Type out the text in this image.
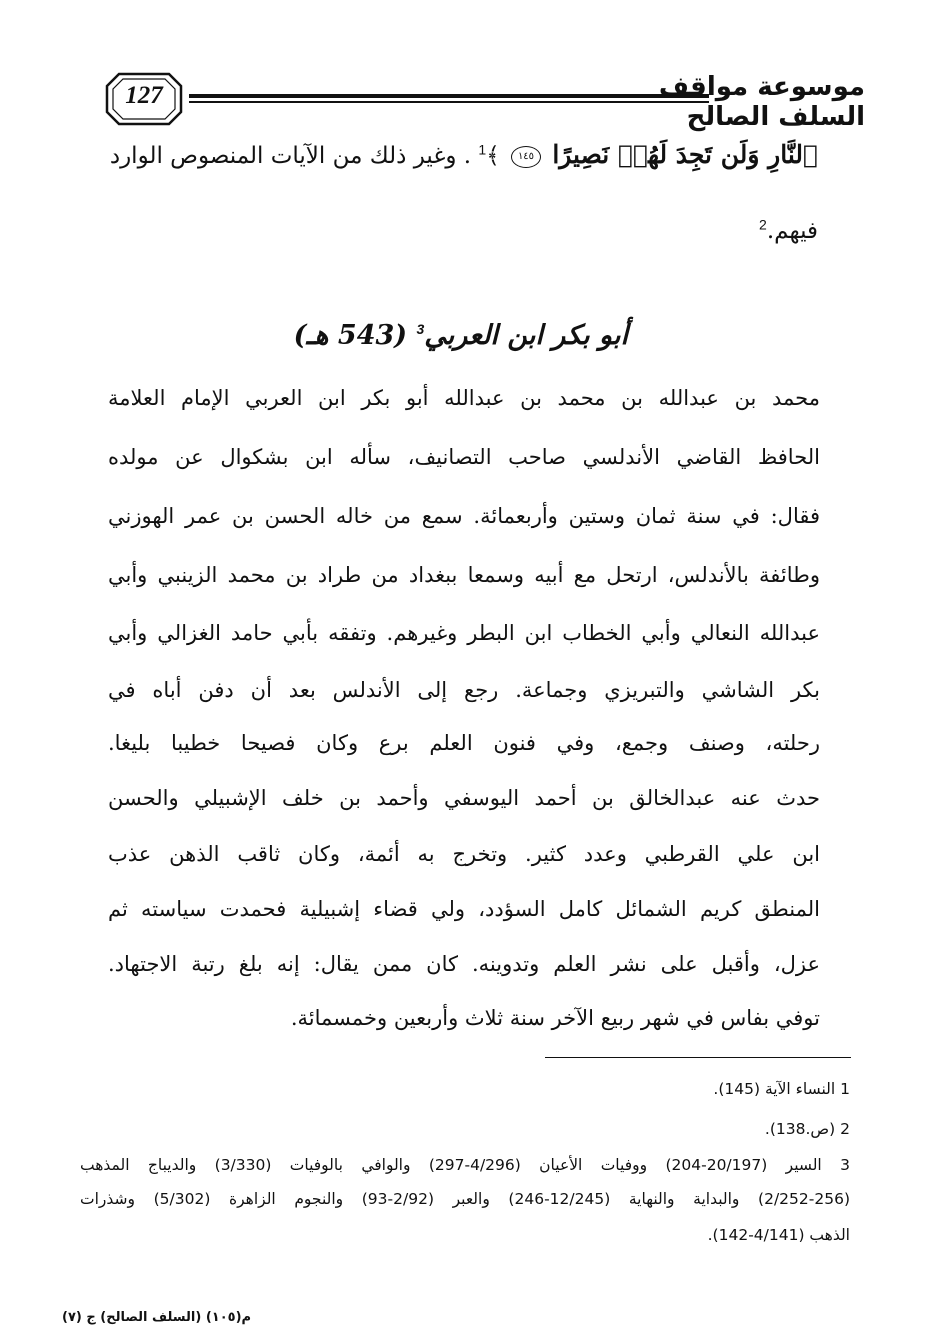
127	موسوعة مواقف السلف الصالح
ٱلنَّارِ وَلَن تَجِدَ لَهُمۡ نَصِيرًا ١٤٥ ﴾$^1$ . وغير ذلك من الآيات المنصوص الوارد
فيهم.$^2$
أبو بكر ابن العربي$^3$ (543 هـ)
محمد بن عبدالله بن محمد بن عبدالله أبو بكر ابن العربي الإمام العلامة
الحافظ القاضي الأندلسي صاحب التصانيف، سأله ابن بشكوال عن مولده
فقال: في سنة ثمان وستين وأربعمائة. سمع من خاله الحسن بن عمر الهوزني
وطائفة بالأندلس، ارتحل مع أبيه وسمعا ببغداد من طراد بن محمد الزينبي وأبي
عبدالله النعالي وأبي الخطاب ابن البطر وغيرهم. وتفقه بأبي حامد الغزالي وأبي
بكر الشاشي والتبريزي وجماعة. رجع إلى الأندلس بعد أن دفن أباه في
رحلته، وصنف وجمع، وفي فنون العلم برع وكان فصيحا خطيبا بليغا.
حدث عنه عبدالخالق بن أحمد اليوسفي وأحمد بن خلف الإشبيلي والحسن
ابن علي القرطبي وعدد كثير. وتخرج به أئمة، وكان ثاقب الذهن عذب
المنطق كريم الشمائل كامل السؤدد، ولي قضاء إشبيلية فحمدت سياسته ثم
عزل، وأقبل على نشر العلم وتدوينه. كان ممن يقال: إنه بلغ رتبة الاجتهاد.
توفي بفاس في شهر ربيع الآخر سنة ثلاث وأربعين وخمسمائة.
1 النساء الآية (145).
2 (ص.138).
3 السير (20/197-204) ووفيات الأعيان (4/296-297) والوافي بالوفيات (3/330) والديباج المذهب
(2/252-256) والبداية والنهاية (12/245-246) والعبر (2/92-93) والنجوم الزاهرة (5/302) وشذرات
الذهب (4/141-142).
م(١٠٥) (السلف الصالح) ج (٧)
